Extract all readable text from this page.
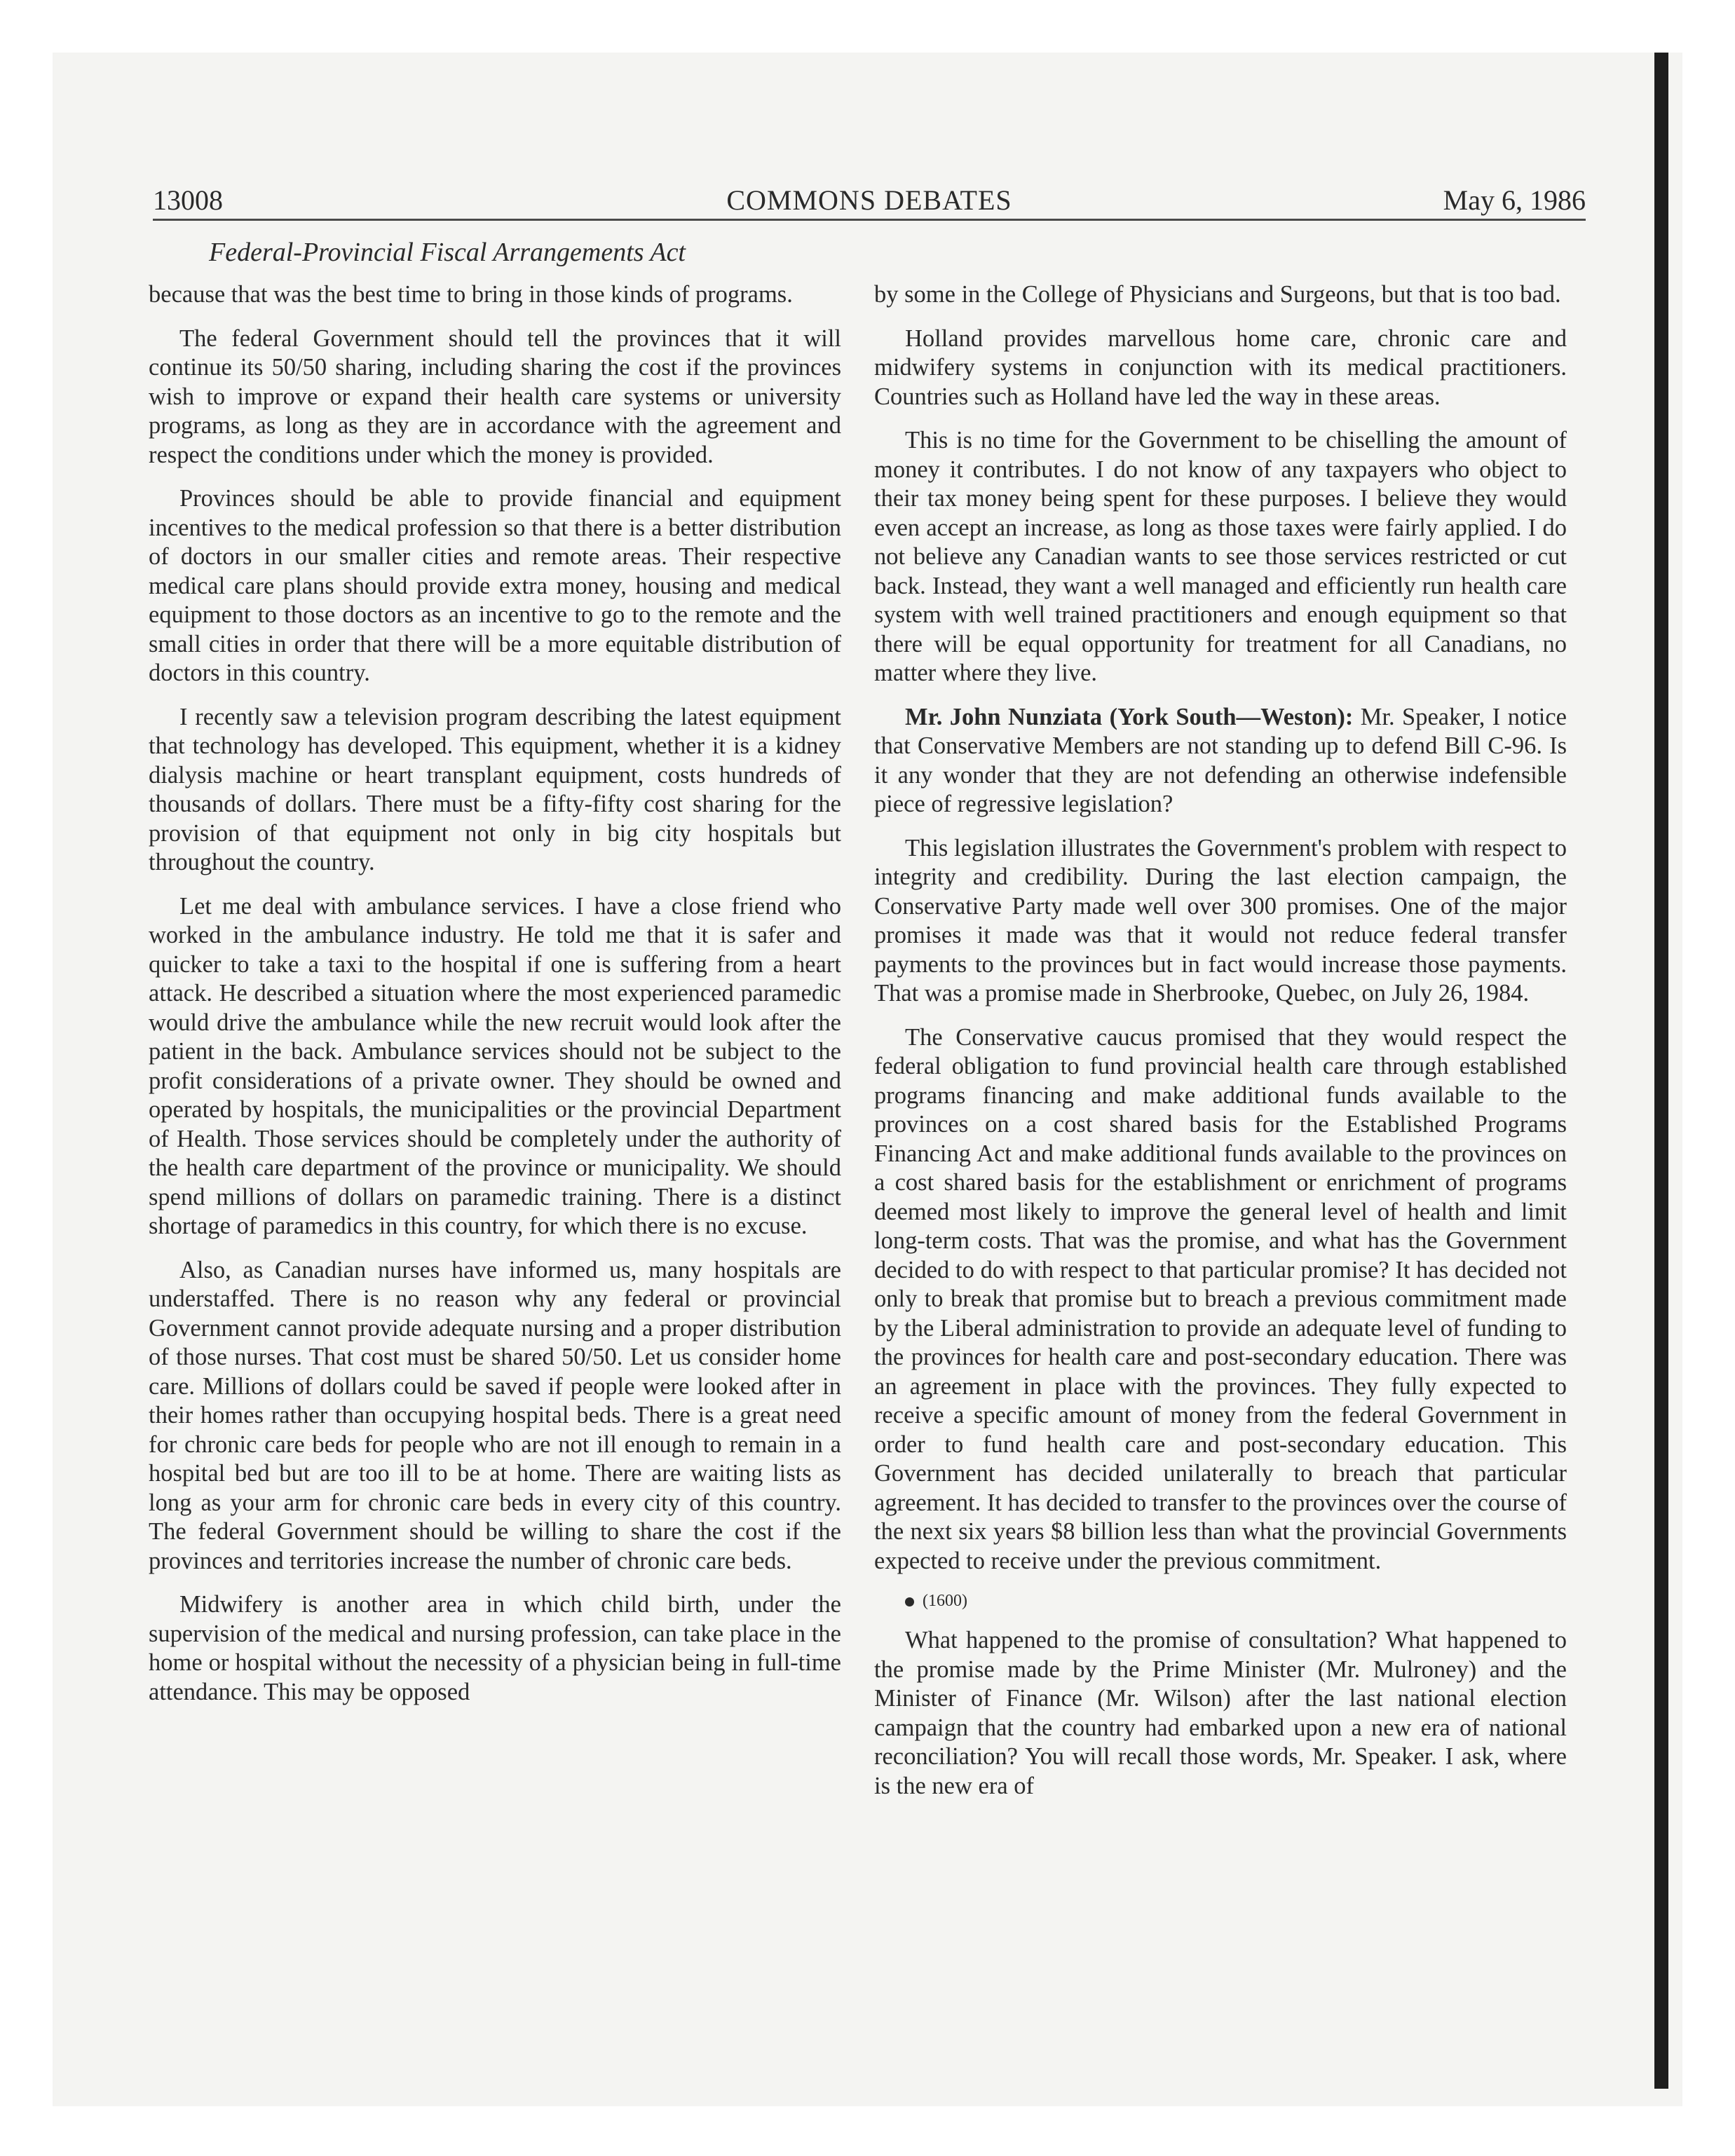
13008	COMMONS DEBATES	May 6, 1986
Federal-Provincial Fiscal Arrangements Act

because that was the best time to bring in those kinds of programs.

The federal Government should tell the provinces that it will continue its 50/50 sharing, including sharing the cost if the provinces wish to improve or expand their health care systems or university programs, as long as they are in accordance with the agreement and respect the conditions under which the money is provided.

Provinces should be able to provide financial and equipment incentives to the medical profession so that there is a better distribution of doctors in our smaller cities and remote areas. Their respective medical care plans should provide extra money, housing and medical equipment to those doctors as an incentive to go to the remote and the small cities in order that there will be a more equitable distribution of doctors in this country.

I recently saw a television program describing the latest equipment that technology has developed. This equipment, whether it is a kidney dialysis machine or heart transplant equipment, costs hundreds of thousands of dollars. There must be a fifty-fifty cost sharing for the provision of that equipment not only in big city hospitals but throughout the country.

Let me deal with ambulance services. I have a close friend who worked in the ambulance industry. He told me that it is safer and quicker to take a taxi to the hospital if one is suffering from a heart attack. He described a situation where the most experienced paramedic would drive the ambulance while the new recruit would look after the patient in the back. Ambulance services should not be subject to the profit considerations of a private owner. They should be owned and operated by hospitals, the municipalities or the provincial Department of Health. Those services should be completely under the authority of the health care department of the province or municipality. We should spend millions of dollars on paramedic training. There is a distinct shortage of paramedics in this country, for which there is no excuse.

Also, as Canadian nurses have informed us, many hospitals are understaffed. There is no reason why any federal or provincial Government cannot provide adequate nursing and a proper distribution of those nurses. That cost must be shared 50/50. Let us consider home care. Millions of dollars could be saved if people were looked after in their homes rather than occupying hospital beds. There is a great need for chronic care beds for people who are not ill enough to remain in a hospital bed but are too ill to be at home. There are waiting lists as long as your arm for chronic care beds in every city of this country. The federal Government should be willing to share the cost if the provinces and territories increase the number of chronic care beds.

Midwifery is another area in which child birth, under the supervision of the medical and nursing profession, can take place in the home or hospital without the necessity of a physician being in full-time attendance. This may be opposed

by some in the College of Physicians and Surgeons, but that is too bad.

Holland provides marvellous home care, chronic care and midwifery systems in conjunction with its medical practitioners. Countries such as Holland have led the way in these areas.

This is no time for the Government to be chiselling the amount of money it contributes. I do not know of any taxpayers who object to their tax money being spent for these purposes. I believe they would even accept an increase, as long as those taxes were fairly applied. I do not believe any Canadian wants to see those services restricted or cut back. Instead, they want a well managed and efficiently run health care system with well trained practitioners and enough equipment so that there will be equal opportunity for treatment for all Canadians, no matter where they live.

Mr. John Nunziata (York South—Weston): Mr. Speaker, I notice that Conservative Members are not standing up to defend Bill C-96. Is it any wonder that they are not defending an otherwise indefensible piece of regressive legislation?

This legislation illustrates the Government's problem with respect to integrity and credibility. During the last election campaign, the Conservative Party made well over 300 promises. One of the major promises it made was that it would not reduce federal transfer payments to the provinces but in fact would increase those payments. That was a promise made in Sherbrooke, Quebec, on July 26, 1984.

The Conservative caucus promised that they would respect the federal obligation to fund provincial health care through established programs financing and make additional funds available to the provinces on a cost shared basis for the Established Programs Financing Act and make additional funds available to the provinces on a cost shared basis for the establishment or enrichment of programs deemed most likely to improve the general level of health and limit long-term costs. That was the promise, and what has the Government decided to do with respect to that particular promise? It has decided not only to break that promise but to breach a previous commitment made by the Liberal administration to provide an adequate level of funding to the provinces for health care and post-secondary education. There was an agreement in place with the provinces. They fully expected to receive a specific amount of money from the federal Government in order to fund health care and post-secondary education. This Government has decided unilaterally to breach that particular agreement. It has decided to transfer to the provinces over the course of the next six years $8 billion less than what the provincial Governments expected to receive under the previous commitment.

(1600)

What happened to the promise of consultation? What happened to the promise made by the Prime Minister (Mr. Mulroney) and the Minister of Finance (Mr. Wilson) after the last national election campaign that the country had embarked upon a new era of national reconciliation? You will recall those words, Mr. Speaker. I ask, where is the new era of
